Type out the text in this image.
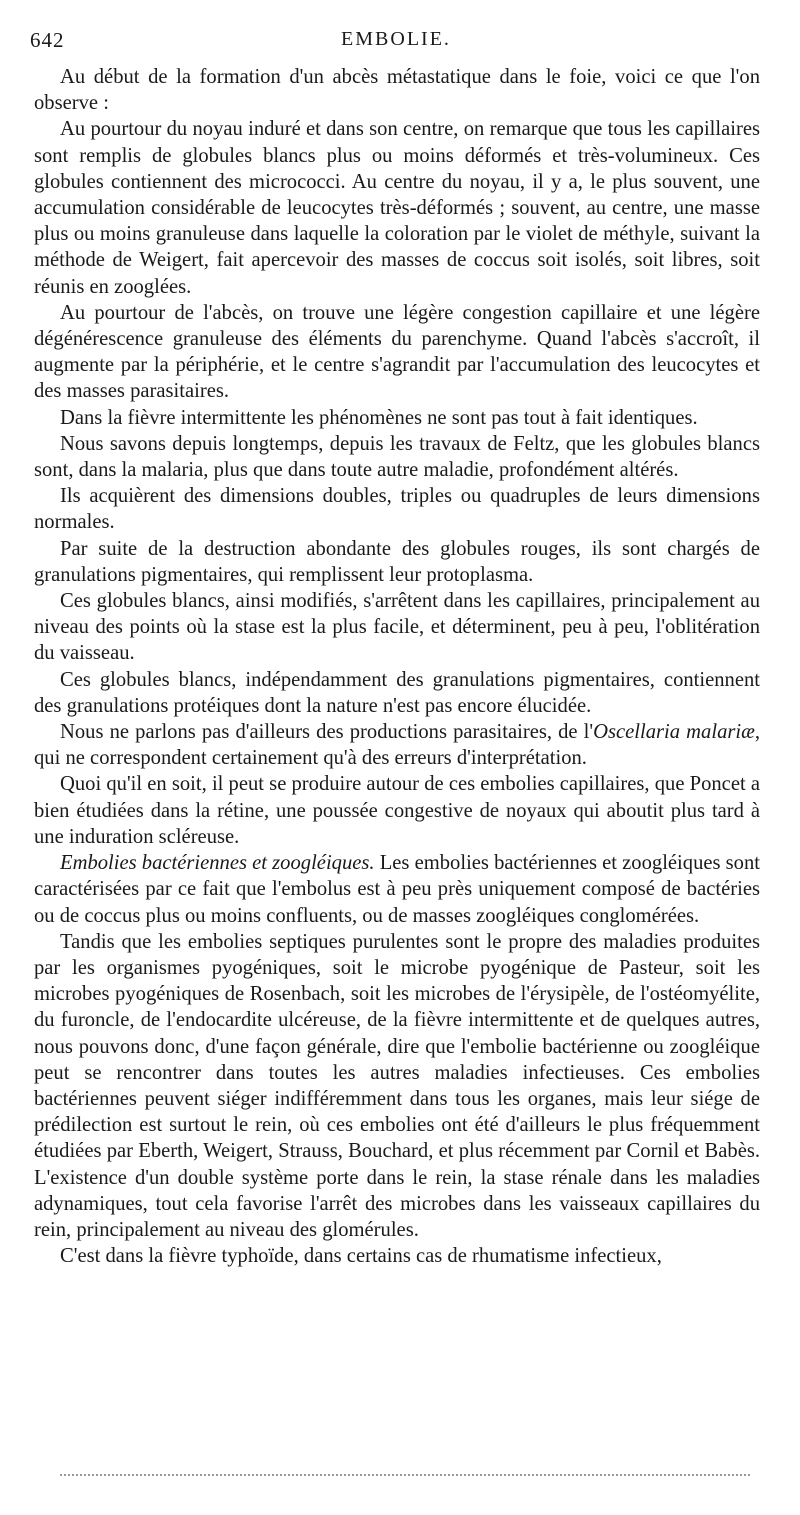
642	EMBOLIE.

Au début de la formation d'un abcès métastatique dans le foie, voici ce que l'on observe :

Au pourtour du noyau induré et dans son centre, on remarque que tous les capillaires sont remplis de globules blancs plus ou moins déformés et très-volumineux. Ces globules contiennent des micrococci. Au centre du noyau, il y a, le plus souvent, une accumulation considérable de leucocytes très-déformés ; souvent, au centre, une masse plus ou moins granuleuse dans laquelle la coloration par le violet de méthyle, suivant la méthode de Weigert, fait apercevoir des masses de coccus soit isolés, soit libres, soit réunis en zooglées.

Au pourtour de l'abcès, on trouve une légère congestion capillaire et une légère dégénérescence granuleuse des éléments du parenchyme. Quand l'abcès s'accroît, il augmente par la périphérie, et le centre s'agrandit par l'accumulation des leucocytes et des masses parasitaires.

Dans la fièvre intermittente les phénomènes ne sont pas tout à fait identiques.

Nous savons depuis longtemps, depuis les travaux de Feltz, que les globules blancs sont, dans la malaria, plus que dans toute autre maladie, profondément altérés.

Ils acquièrent des dimensions doubles, triples ou quadruples de leurs dimensions normales.

Par suite de la destruction abondante des globules rouges, ils sont chargés de granulations pigmentaires, qui remplissent leur protoplasma.

Ces globules blancs, ainsi modifiés, s'arrêtent dans les capillaires, principalement au niveau des points où la stase est la plus facile, et déterminent, peu à peu, l'oblitération du vaisseau.

Ces globules blancs, indépendamment des granulations pigmentaires, contiennent des granulations protéiques dont la nature n'est pas encore élucidée.

Nous ne parlons pas d'ailleurs des productions parasitaires, de l'Oscellaria malariæ, qui ne correspondent certainement qu'à des erreurs d'interprétation.

Quoi qu'il en soit, il peut se produire autour de ces embolies capillaires, que Poncet a bien étudiées dans la rétine, une poussée congestive de noyaux qui aboutit plus tard à une induration scléreuse.

Embolies bactériennes et zoogléiques. Les embolies bactériennes et zoogléiques sont caractérisées par ce fait que l'embolus est à peu près uniquement composé de bactéries ou de coccus plus ou moins confluents, ou de masses zoogléiques conglomérées.

Tandis que les embolies septiques purulentes sont le propre des maladies produites par les organismes pyogéniques, soit le microbe pyogénique de Pasteur, soit les microbes pyogéniques de Rosenbach, soit les microbes de l'érysipèle, de l'ostéomyélite, du furoncle, de l'endocardite ulcéreuse, de la fièvre intermittente et de quelques autres, nous pouvons donc, d'une façon générale, dire que l'embolie bactérienne ou zoogléique peut se rencontrer dans toutes les autres maladies infectieuses. Ces embolies bactériennes peuvent siéger indifféremment dans tous les organes, mais leur siége de prédilection est surtout le rein, où ces embolies ont été d'ailleurs le plus fréquemment étudiées par Eberth, Weigert, Strauss, Bouchard, et plus récemment par Cornil et Babès. L'existence d'un double système porte dans le rein, la stase rénale dans les maladies adynamiques, tout cela favorise l'arrêt des microbes dans les vaisseaux capillaires du rein, principalement au niveau des glomérules.

C'est dans la fièvre typhoïde, dans certains cas de rhumatisme infectieux,
